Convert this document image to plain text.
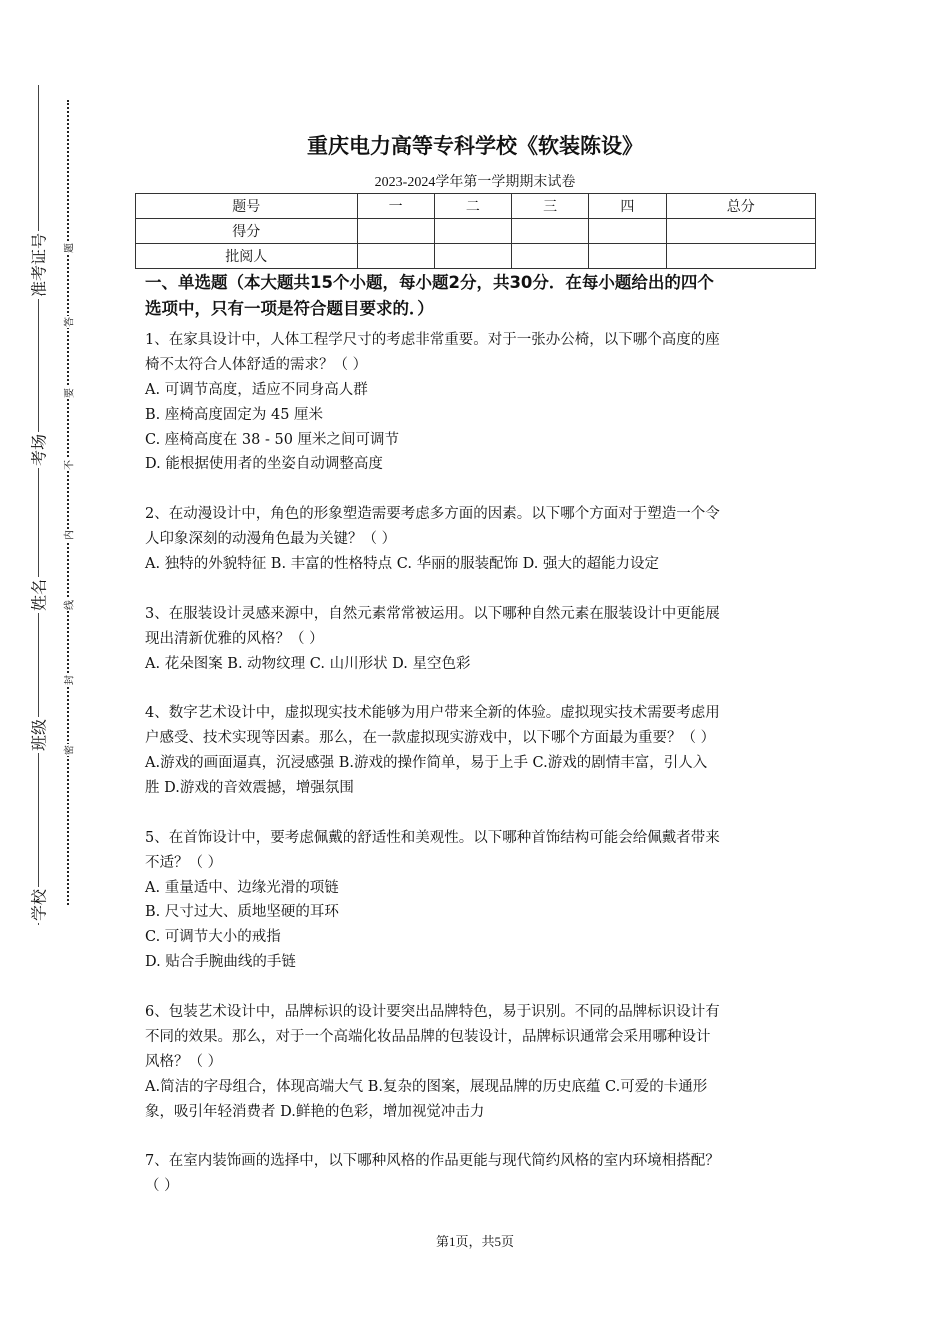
准考证号
考场
姓名
班级
学校
题
答
要
不
内
线
封
密
重庆电力高等专科学校《软装陈设》
2023-2024学年第一学期期末试卷
题号	一	二	三	四	总分
得分					
批阅人					
一、单选题（本大题共15个小题，每小题2分，共30分．在每小题给出的四个
选项中，只有一项是符合题目要求的．）
1、在家具设计中，人体工程学尺寸的考虑非常重要。对于一张办公椅，以下哪个高度的座
椅不太符合人体舒适的需求？（ ）
A. 可调节高度，适应不同身高人群
B. 座椅高度固定为 45 厘米
C. 座椅高度在 38 - 50 厘米之间可调节
D. 能根据使用者的坐姿自动调整高度
2、在动漫设计中，角色的形象塑造需要考虑多方面的因素。以下哪个方面对于塑造一个令
人印象深刻的动漫角色最为关键？（ ）
A. 独特的外貌特征 B. 丰富的性格特点 C. 华丽的服装配饰 D. 强大的超能力设定
3、在服装设计灵感来源中，自然元素常常被运用。以下哪种自然元素在服装设计中更能展
现出清新优雅的风格？（ ）
A. 花朵图案 B. 动物纹理 C. 山川形状 D. 星空色彩
4、数字艺术设计中，虚拟现实技术能够为用户带来全新的体验。虚拟现实技术需要考虑用
户感受、技术实现等因素。那么，在一款虚拟现实游戏中，以下哪个方面最为重要？（ ）
A.游戏的画面逼真，沉浸感强 B.游戏的操作简单，易于上手 C.游戏的剧情丰富，引人入
胜 D.游戏的音效震撼，增强氛围
5、在首饰设计中，要考虑佩戴的舒适性和美观性。以下哪种首饰结构可能会给佩戴者带来
不适？（ ）
A. 重量适中、边缘光滑的项链
B. 尺寸过大、质地坚硬的耳环
C. 可调节大小的戒指
D. 贴合手腕曲线的手链
6、包装艺术设计中，品牌标识的设计要突出品牌特色，易于识别。不同的品牌标识设计有
不同的效果。那么，对于一个高端化妆品品牌的包装设计，品牌标识通常会采用哪种设计
风格？（ ）
A.简洁的字母组合，体现高端大气 B.复杂的图案，展现品牌的历史底蕴 C.可爱的卡通形
象，吸引年轻消费者 D.鲜艳的色彩，增加视觉冲击力
7、在室内装饰画的选择中，以下哪种风格的作品更能与现代简约风格的室内环境相搭配？
（ ）
第1页，共5页
